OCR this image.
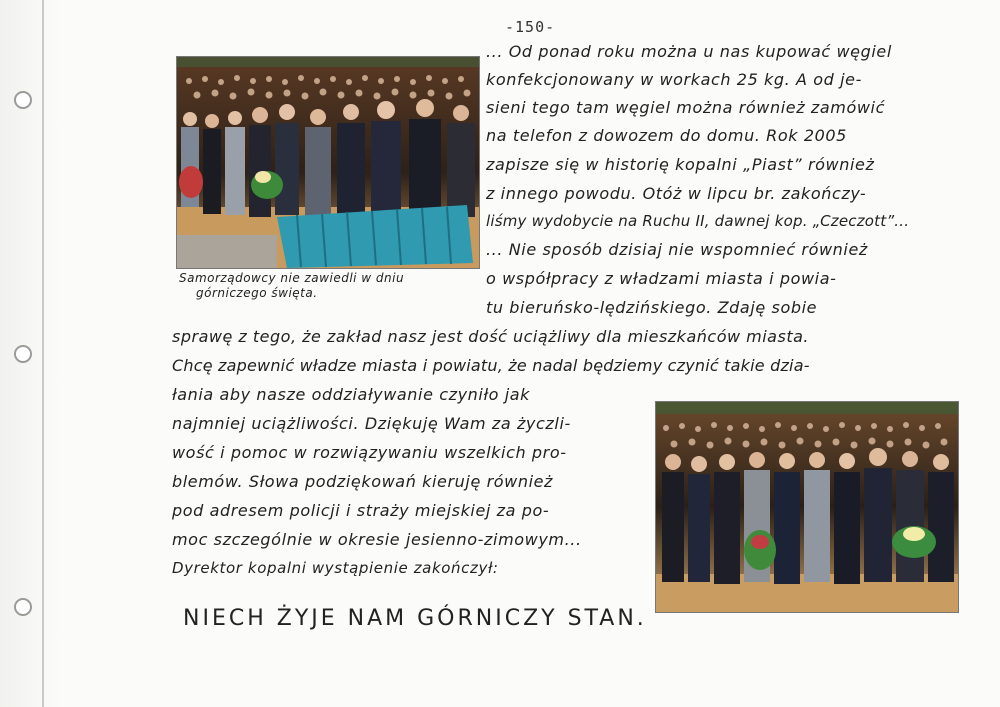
-150-
Samorządowcy nie zawiedli w dniu
górniczego święta.
... Od ponad roku można u nas kupować węgiel
konfekcjonowany w workach 25 kg. A od je-
sieni tego tam węgiel można również zamówić
na telefon z dowozem do domu. Rok 2005
zapisze się w historię kopalni „Piast” również
z innego powodu. Otóż w lipcu br. zakończy-
liśmy wydobycie na Ruchu II, dawnej kop. „Czeczott”...
... Nie sposób dzisiaj nie wspomnieć również
o współpracy z władzami miasta i powia-
tu bieruńsko-lędzińskiego. Zdaję sobie
sprawę z tego, że zakład nasz jest dość uciążliwy dla mieszkańców miasta.
Chcę zapewnić władze miasta i powiatu, że nadal będziemy czynić takie dzia-
łania aby nasze oddziaływanie czyniło jak
najmniej uciążliwości. Dziękuję Wam za życzli-
wość i pomoc w rozwiązywaniu wszelkich pro-
blemów. Słowa podziękowań kieruję również
pod adresem policji i straży miejskiej za po-
moc szczególnie w okresie jesienno-zimowym...
Dyrektor kopalni wystąpienie zakończył:
NIECH ŻYJE NAM GÓRNICZY STAN.
